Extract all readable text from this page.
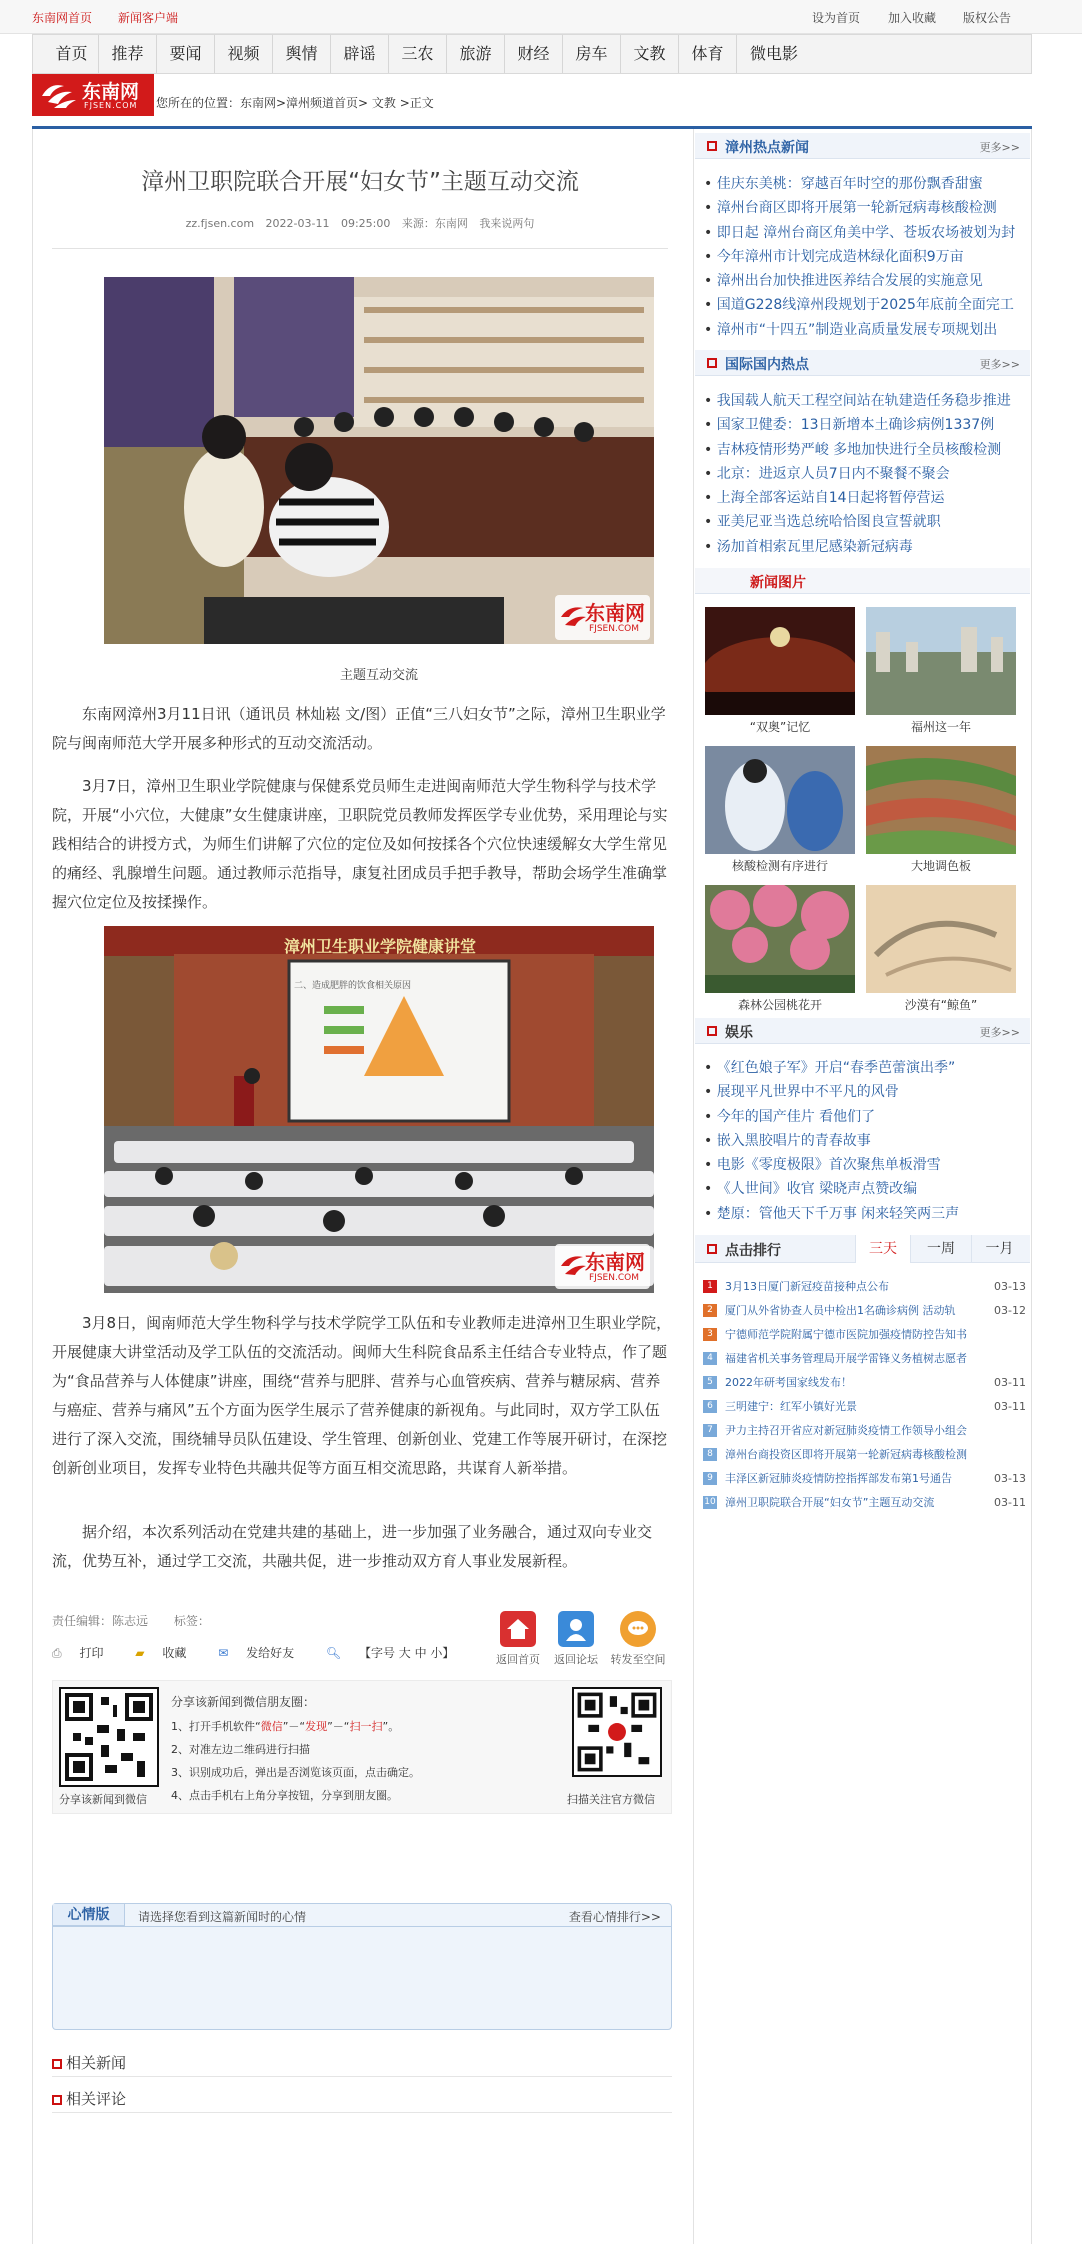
东南网首页 新闻客户端	设为首页 加入收藏 版权公告
首页	推荐	要闻	视频	舆情	辟谣	三农	旅游	财经	房车	文教	体育	微电影
东南网
FJSEN.COM 您所在的位置：东南网>漳州频道首页> 文教 >正文
漳州卫职院联合开展“妇女节”主题互动交流
zz.fjsen.com 2022-03-11 09:25:00 来源：东南网 我来说两句
东南网
FJSEN.COM
主题互动交流

东南网漳州3月11日讯（通讯员 林灿崧 文/图）正值“三八妇女节”之际，漳州卫生职业学院与闽南师范大学开展多种形式的互动交流活动。

3月7日，漳州卫生职业学院健康与保健系党员师生走进闽南师范大学生物科学与技术学院，开展“小穴位，大健康”女生健康讲座，卫职院党员教师发挥医学专业优势，采用理论与实践相结合的讲授方式，为师生们讲解了穴位的定位及如何按揉各个穴位快速缓解女大学生常见的痛经、乳腺增生问题。通过教师示范指导，康复社团成员手把手教导，帮助会场学生准确掌握穴位定位及按揉操作。

漳州卫生职业学院健康讲堂
二、造成肥胖的饮食相关原因
东南网
FJSEN.COM

3月8日，闽南师范大学生物科学与技术学院学工队伍和专业教师走进漳州卫生职业学院，开展健康大讲堂活动及学工队伍的交流活动。闽师大生科院食品系主任结合专业特点，作了题为“食品营养与人体健康”讲座，围绕“营养与肥胖、营养与心血管疾病、营养与糖尿病、营养与癌症、营养与痛风”五个方面为医学生展示了营养健康的新视角。与此同时，双方学工队伍进行了深入交流，围绕辅导员队伍建设、学生管理、创新创业、党建工作等展开研讨，在深挖创新创业项目，发挥专业特色共融共促等方面互相交流思路，共谋育人新举措。

据介绍，本次系列活动在党建共建的基础上，进一步加强了业务融合，通过双向专业交流，优势互补，通过学工交流，共融共促，进一步推动双方育人事业发展新程。

责任编辑：陈志远 标签：
⎙ 打印	▰ 收藏	✉ 发给好友	🔍︎ 【字号 大 中 小】	返回首页	返回论坛	转发至空间
分享该新闻到微信
分享该新闻到微信朋友圈：
1、打开手机软件“微信”－“发现”－“扫一扫”。
2、对准左边二维码进行扫描
3、识别成功后，弹出是否浏览该页面，点击确定。
4、点击手机右上角分享按钮，分享到朋友圈。	扫描关注官方微信
心情版	请选择您看到这篇新闻时的心情	查看心情排行>>
相关新闻
相关评论
漳州热点新闻	更多>>
• 佳庆东美桃：穿越百年时空的那份飘香甜蜜
• 漳州台商区即将开展第一轮新冠病毒核酸检测
• 即日起 漳州台商区角美中学、苍坂农场被划为封
• 今年漳州市计划完成造林绿化面积9万亩
• 漳州出台加快推进医养结合发展的实施意见
• 国道G228线漳州段规划于2025年底前全面完工
• 漳州市“十四五”制造业高质量发展专项规划出
国际国内热点	更多>>
• 我国载人航天工程空间站在轨建造任务稳步推进
• 国家卫健委：13日新增本土确诊病例1337例
• 吉林疫情形势严峻 多地加快进行全员核酸检测
• 北京：进返京人员7日内不聚餐不聚会
• 上海全部客运站自14日起将暂停营运
• 亚美尼亚当选总统哈恰图良宣誓就职
• 汤加首相索瓦里尼感染新冠病毒
新闻图片
“双奥”记忆	福州这一年
核酸检测有序进行	大地调色板
森林公园桃花开	沙漠有“鲸鱼”
娱乐	更多>>
• 《红色娘子军》开启“春季芭蕾演出季”
• 展现平凡世界中不平凡的风骨
• 今年的国产佳片 看他们了
• 嵌入黑胶唱片的青春故事
• 电影《零度极限》首次聚焦单板滑雪
• 《人世间》收官 梁晓声点赞改编
• 楚原：管他天下千万事 闲来轻笑两三声
点击排行	三天	一周	一月
1 3月13日厦门新冠疫苗接种点公布	03-13
2 厦门从外省协查人员中检出1名确诊病例 活动轨	03-12
3 宁德师范学院附属宁德市医院加强疫情防控告知书
4 福建省机关事务管理局开展学雷锋义务植树志愿者
5 2022年研考国家线发布！	03-11
6 三明建宁：红军小镇好光景	03-11
7 尹力主持召开省应对新冠肺炎疫情工作领导小组会
8 漳州台商投资区即将开展第一轮新冠病毒核酸检测
9 丰泽区新冠肺炎疫情防控指挥部发布第1号通告	03-13
10 漳州卫职院联合开展“妇女节”主题互动交流	03-11
